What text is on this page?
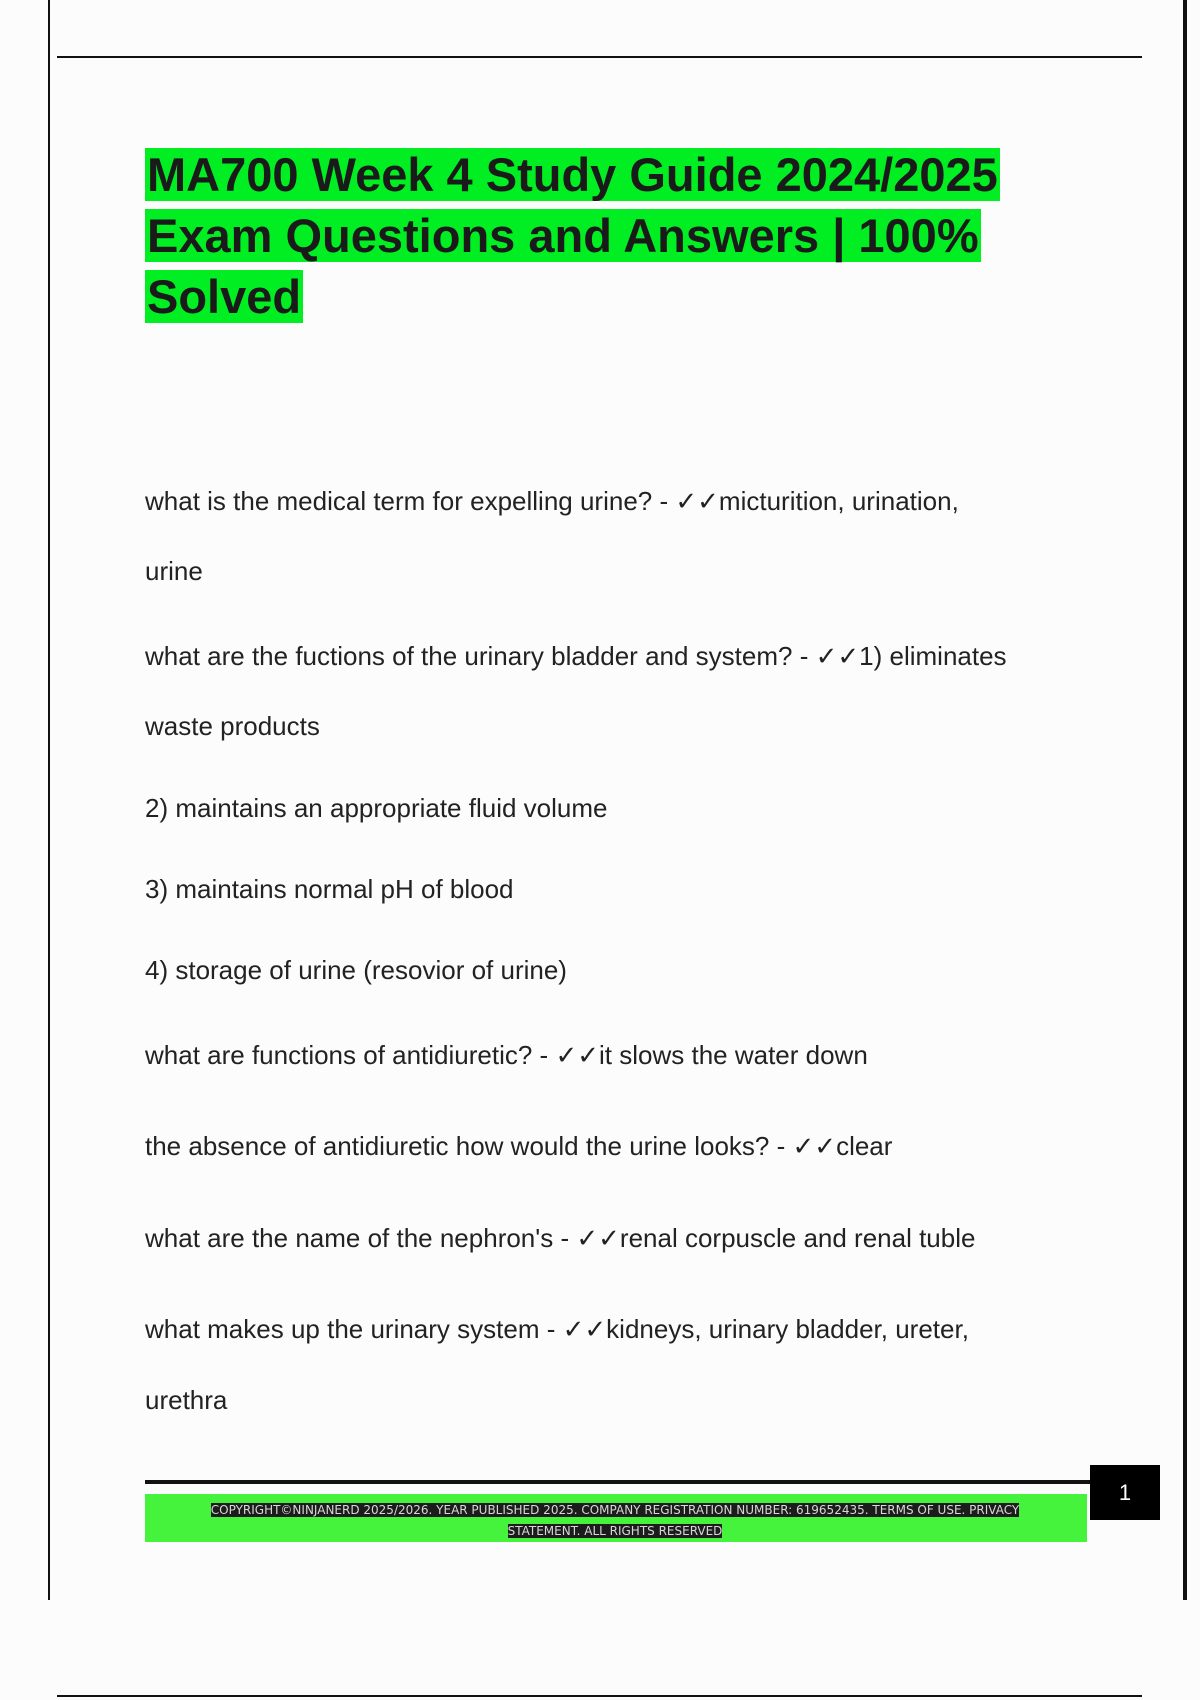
MA700 Week 4 Study Guide 2024/2025
Exam Questions and Answers | 100%
Solved
what is the medical term for expelling urine? - ✓✓micturition, urination,
urine
what are the fuctions of the urinary bladder and system? - ✓✓1) eliminates
waste products
2) maintains an appropriate fluid volume
3) maintains normal pH of blood
4) storage of urine (resovior of urine)
what are functions of antidiuretic? - ✓✓it slows the water down
the absence of antidiuretic how would the urine looks? - ✓✓clear
what are the name of the nephron's - ✓✓renal corpuscle and renal tuble
what makes up the urinary system - ✓✓kidneys, urinary bladder, ureter,
urethra
COPYRIGHT©NINJANERD 2025/2026. YEAR PUBLISHED 2025. COMPANY REGISTRATION NUMBER: 619652435. TERMS OF USE. PRIVACY
STATEMENT. ALL RIGHTS RESERVED
1
